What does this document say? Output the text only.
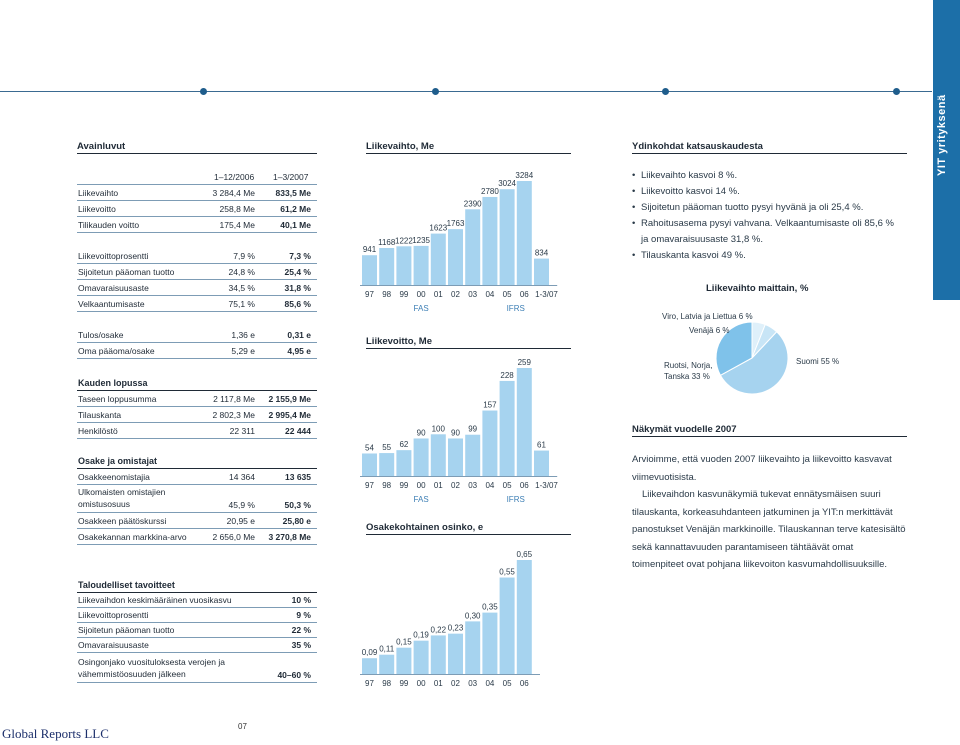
YIT yrityksenä
Avainluvut
1–12/2006 1–3/2007
Liikevaihto	3 284,4 Me 833,5 Me
Liikevoitto	258,8 Me	61,2 Me
Tilikauden voitto	175,4 Me	40,1 Me
Liikevoittoprosentti	7,9 %	7,3 %
Sijoitetun pääoman tuotto	24,8 %	25,4 %
Omavaraisuusaste	34,5 %	31,8 %
Velkaantumisaste	75,1 %	85,6 %
Tulos/osake	1,36 e	0,31 e
Oma pääoma/osake	5,29 e	4,95 e
Kauden lopussa
Taseen loppusumma	2 117,8 Me 2 155,9 Me
Tilauskanta	2 802,3 Me 2 995,4 Me
Henkilöstö	22 311	22 444
Osake ja omistajat
Osakkeenomistajia	14 364	13 635
Ulkomaisten omistajien omistusosuus	45,9 %	50,3 %
Osakkeen päätöskurssi	20,95 e	25,80 e
Osakekannan markkina-arvo	2 656,0 Me 3 270,8 Me
Taloudelliset tavoitteet
Liikevaihdon keskimääräinen vuosikasvu	10 %
Liikevoittoprosentti	9 %
Sijoitetun pääoman tuotto	22 %
Omavaraisuusaste	35 %
Osingonjako vuosituloksesta verojen ja vähemmistöosuuden jälkeen	40–60 %
Liikevaihto, Me
941
97
1168
98
1222
99
1235
00
1623
01
1763
02
2390
03
2780
04
3024
05
3284
06
834
1-3/07
FAS	IFRS
Liikevoitto, Me
54
97
55
98
62
99
90
00
100
01
90
02
99
03
157
04
228
05
259
06
61
1-3/07
FAS	IFRS
Osakekohtainen osinko, e
0,09
97
0,11
98
0,15
99
0,19
00
0,22
01
0,23
02
0,30
03
0,35
04
0,55
05
0,65
06
Ydinkohdat katsauskaudesta
• Liikevaihto kasvoi 8 %.
• Liikevoitto kasvoi 14 %.
• Sijoitetun pääoman tuotto pysyi hyvänä ja oli 25,4 %.
• Rahoitusasema pysyi vahvana. Velkaantumisaste oli 85,6 % ja omavaraisuusaste 31,8 %.
• Tilauskanta kasvoi 49 %.
Liikevaihto maittain, %
Viro, Latvia ja Liettua 6 %
Venäjä 6 %
Ruotsi, Norja,
Tanska 33 %
Suomi 55 %
Näkymät vuodelle 2007
Arvioimme, että vuoden 2007 liikevaihto ja liikevoitto kasvavat viimevuotisista.
Liikevaihdon kasvunäkymiä tukevat ennätysmäisen suuri tilauskanta, korkeasuhdanteen jatkuminen ja YIT:n merkittävät panostukset Venäjän markkinoille. Tilauskannan terve katesisältö sekä kannattavuuden parantamiseen tähtäävät omat toimenpiteet ovat pohjana liikevoiton kasvumahdollisuuksille.
Global Reports LLC	07
